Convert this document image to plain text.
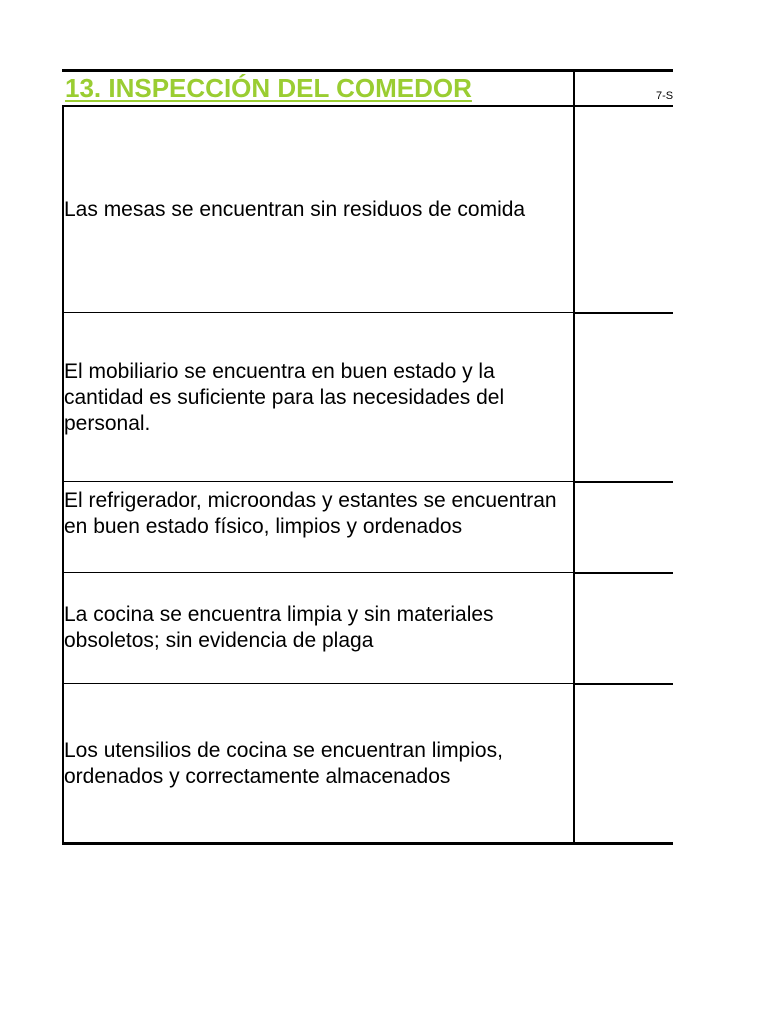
13. INSPECCIÓN DEL COMEDOR	7-S
Las mesas se encuentran sin residuos de comida
El mobiliario se encuentra en buen estado y la cantidad es suficiente para las necesidades del personal.
El refrigerador, microondas y estantes se encuentran en buen estado físico, limpios y ordenados
La cocina se encuentra limpia y sin materiales obsoletos; sin evidencia de plaga
Los utensilios de cocina se encuentran limpios, ordenados y correctamente almacenados
